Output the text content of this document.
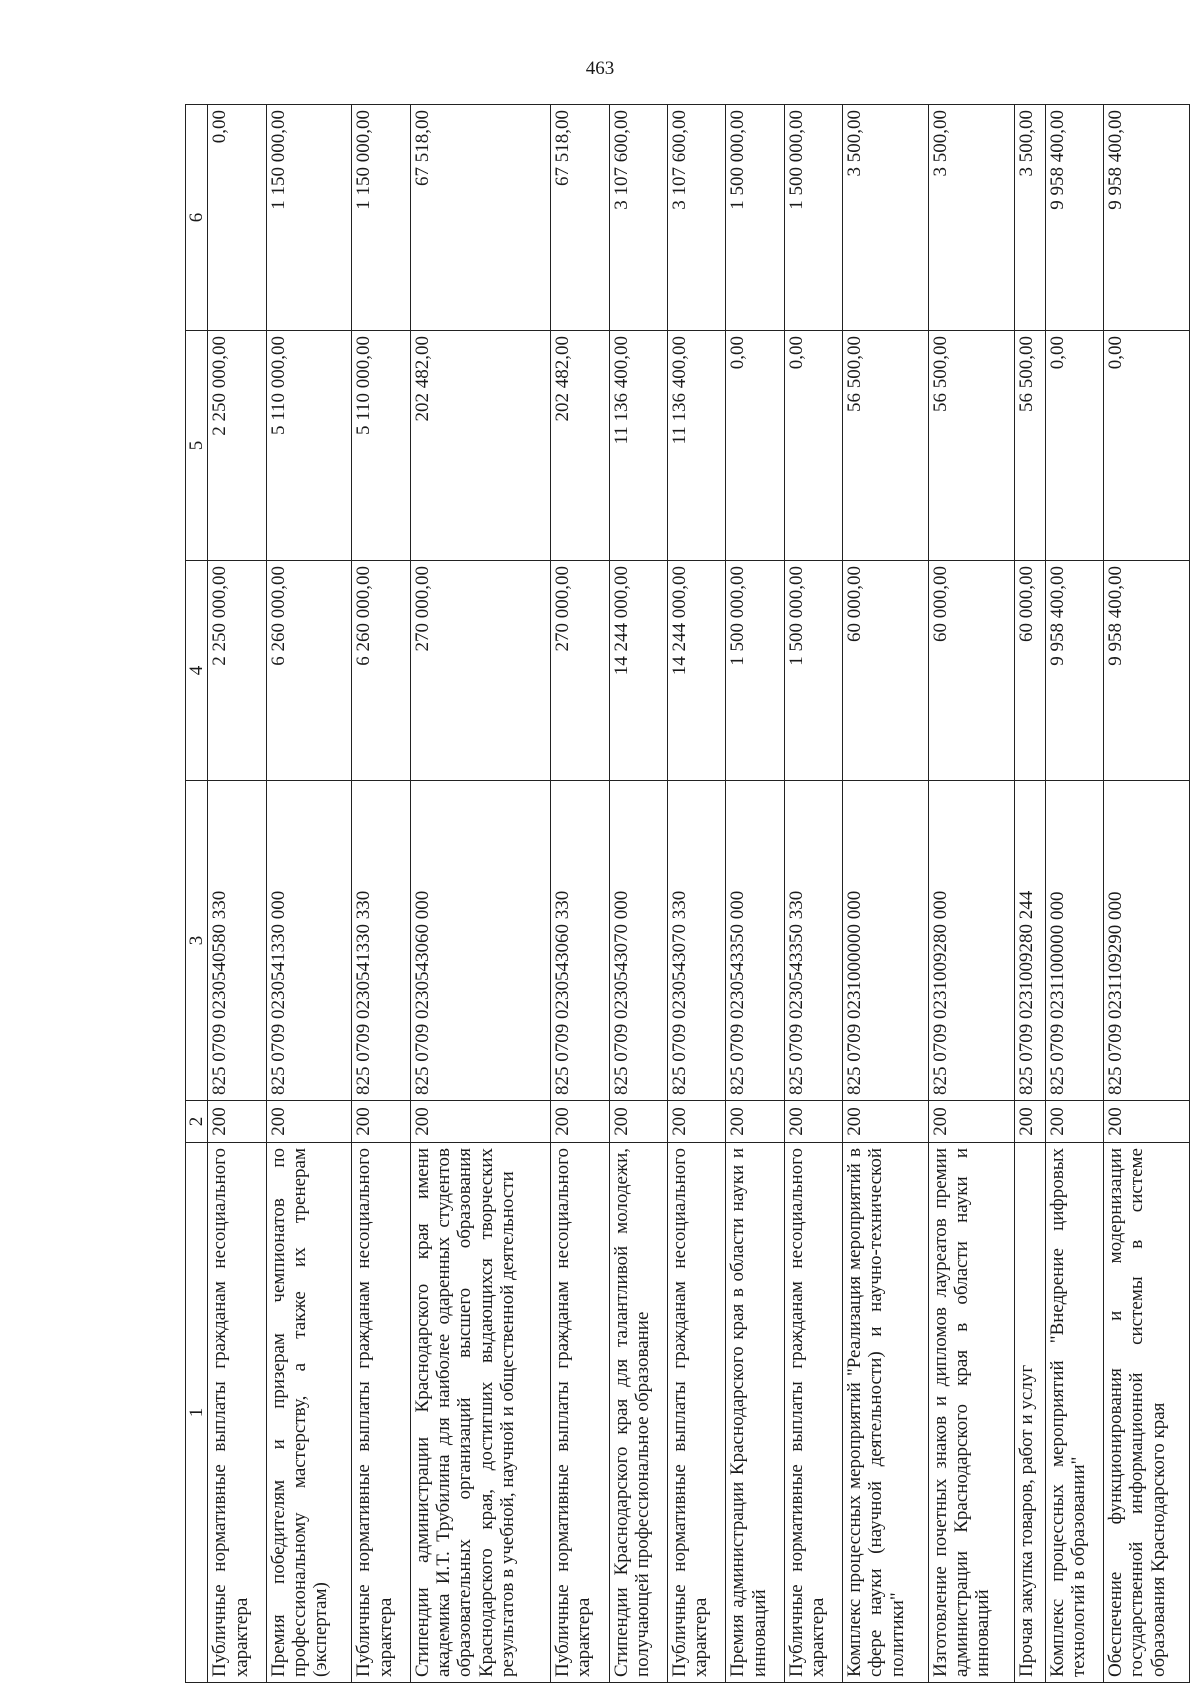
463
1	2	3	4	5	6
Публичные нормативные выплаты гражданам несоциального характера	200	825 0709 0230540580 330	2 250 000,00	2 250 000,00	0,00
Премия победителям и призерам чемпионатов по профессиональному мастерству, а также их тренерам (экспертам)	200	825 0709 0230541330 000	6 260 000,00	5 110 000,00	1 150 000,00
Публичные нормативные выплаты гражданам несоциального характера	200	825 0709 0230541330 330	6 260 000,00	5 110 000,00	1 150 000,00
Стипендии администрации Краснодарского края имени академика И.Т. Трубилина для наиболее одаренных студентов образовательных организаций высшего образования Краснодарского края, достигших выдающихся творческих результатов в учебной, научной и общественной деятельности	200	825 0709 0230543060 000	270 000,00	202 482,00	67 518,00
Публичные нормативные выплаты гражданам несоциального характера	200	825 0709 0230543060 330	270 000,00	202 482,00	67 518,00
Стипендии Краснодарского края для талантливой молодежи, получающей профессиональное образование	200	825 0709 0230543070 000	14 244 000,00	11 136 400,00	3 107 600,00
Публичные нормативные выплаты гражданам несоциального характера	200	825 0709 0230543070 330	14 244 000,00	11 136 400,00	3 107 600,00
Премия администрации Краснодарского края в области науки и инноваций	200	825 0709 0230543350 000	1 500 000,00	0,00	1 500 000,00
Публичные нормативные выплаты гражданам несоциального характера	200	825 0709 0230543350 330	1 500 000,00	0,00	1 500 000,00
Комплекс процессных мероприятий "Реализация мероприятий в сфере науки (научной деятельности) и научно-технической политики"	200	825 0709 0231000000 000	60 000,00	56 500,00	3 500,00
Изготовление почетных знаков и дипломов лауреатов премии администрации Краснодарского края в области науки и инноваций	200	825 0709 0231009280 000	60 000,00	56 500,00	3 500,00
Прочая закупка товаров, работ и услуг	200	825 0709 0231009280 244	60 000,00	56 500,00	3 500,00
Комплекс процессных мероприятий "Внедрение цифровых технологий в образовании"	200	825 0709 0231100000 000	9 958 400,00	0,00	9 958 400,00
Обеспечение функционирования и модернизации государственной информационной системы в системе образования Краснодарского края	200	825 0709 0231109290 000	9 958 400,00	0,00	9 958 400,00
